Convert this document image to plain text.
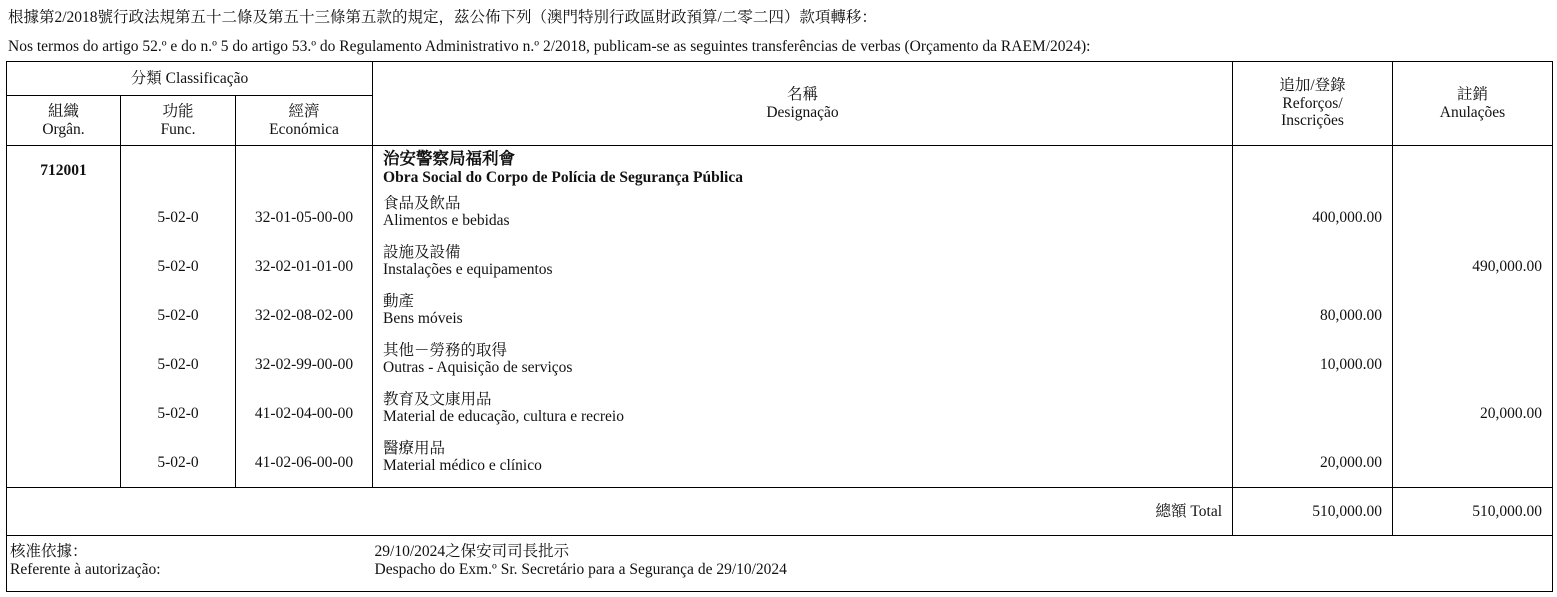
根據第2/2018號行政法規第五十二條及第五十三條第五款的規定，茲公佈下列（澳門特別行政區財政預算/二零二四）款項轉移：
Nos termos do artigo 52.º e do n.º 5 do artigo 53.º do Regulamento Administrativo n.º 2/2018, publicam-se as seguintes transferências de verbas (Orçamento da RAEM/2024):
分類 Classificação			名稱
Designação	追加/登錄
Reforços/
Inscrições	註銷
Anulações

組織
Orgân.	功能
Func.	經濟
Económica			

712001			治安警察局福利會
Obra Social do Corpo de Polícia de Segurança Pública		

	5-02-0	32-01-05-00-00	食品及飲品
Alimentos e bebidas	400,000.00	
	5-02-0	32-02-01-01-00	設施及設備
Instalações e equipamentos		490,000.00
	5-02-0	32-02-08-02-00	動產
Bens móveis	80,000.00	
	5-02-0	32-02-99-00-00	其他－勞務的取得
Outras - Aquisição de serviços	10,000.00	
	5-02-0	41-02-04-00-00	教育及文康用品
Material de educação, cultura e recreio		20,000.00
	5-02-0	41-02-06-00-00	醫療用品
Material médico e clínico	20,000.00	
總額 Total				510,000.00	510,000.00

核准依據：
Referente à autorização:			29/10/2024之保安司司長批示
Despacho do Exm.º Sr. Secretário para a Segurança de 29/10/2024		
